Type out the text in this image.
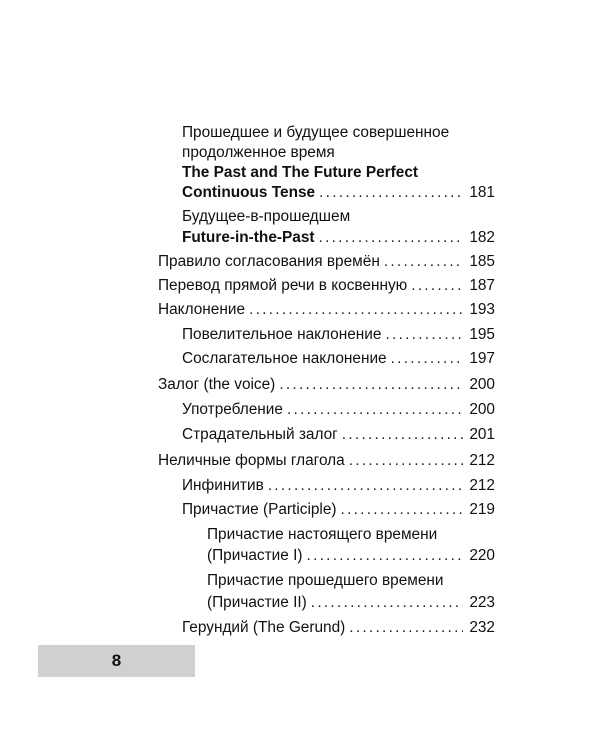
Прошедшее и будущее совершенное
продолженное время
The Past and The Future Perfect
Continuous Tense . . .	181
Будущее-в-прошедшем
Future-in-the-Past . . .	182
Правило согласования времён . . .	185
Перевод прямой речи в косвенную . . .	187
Наклонение . . .	193
Повелительное наклонение . . .	195
Сослагательное наклонение . . .	197
Залог (the voice) . . .	200
Употребление . . .	200
Страдательный залог . . .	201
Неличные формы глагола . . .	212
Инфинитив . . .	212
Причастие (Participle) . . .	219
Причастие настоящего времени
(Причастие I) . . .	220
Причастие прошедшего времени
(Причастие II) . . .	223
Герундий (The Gerund) . . .	232
8
